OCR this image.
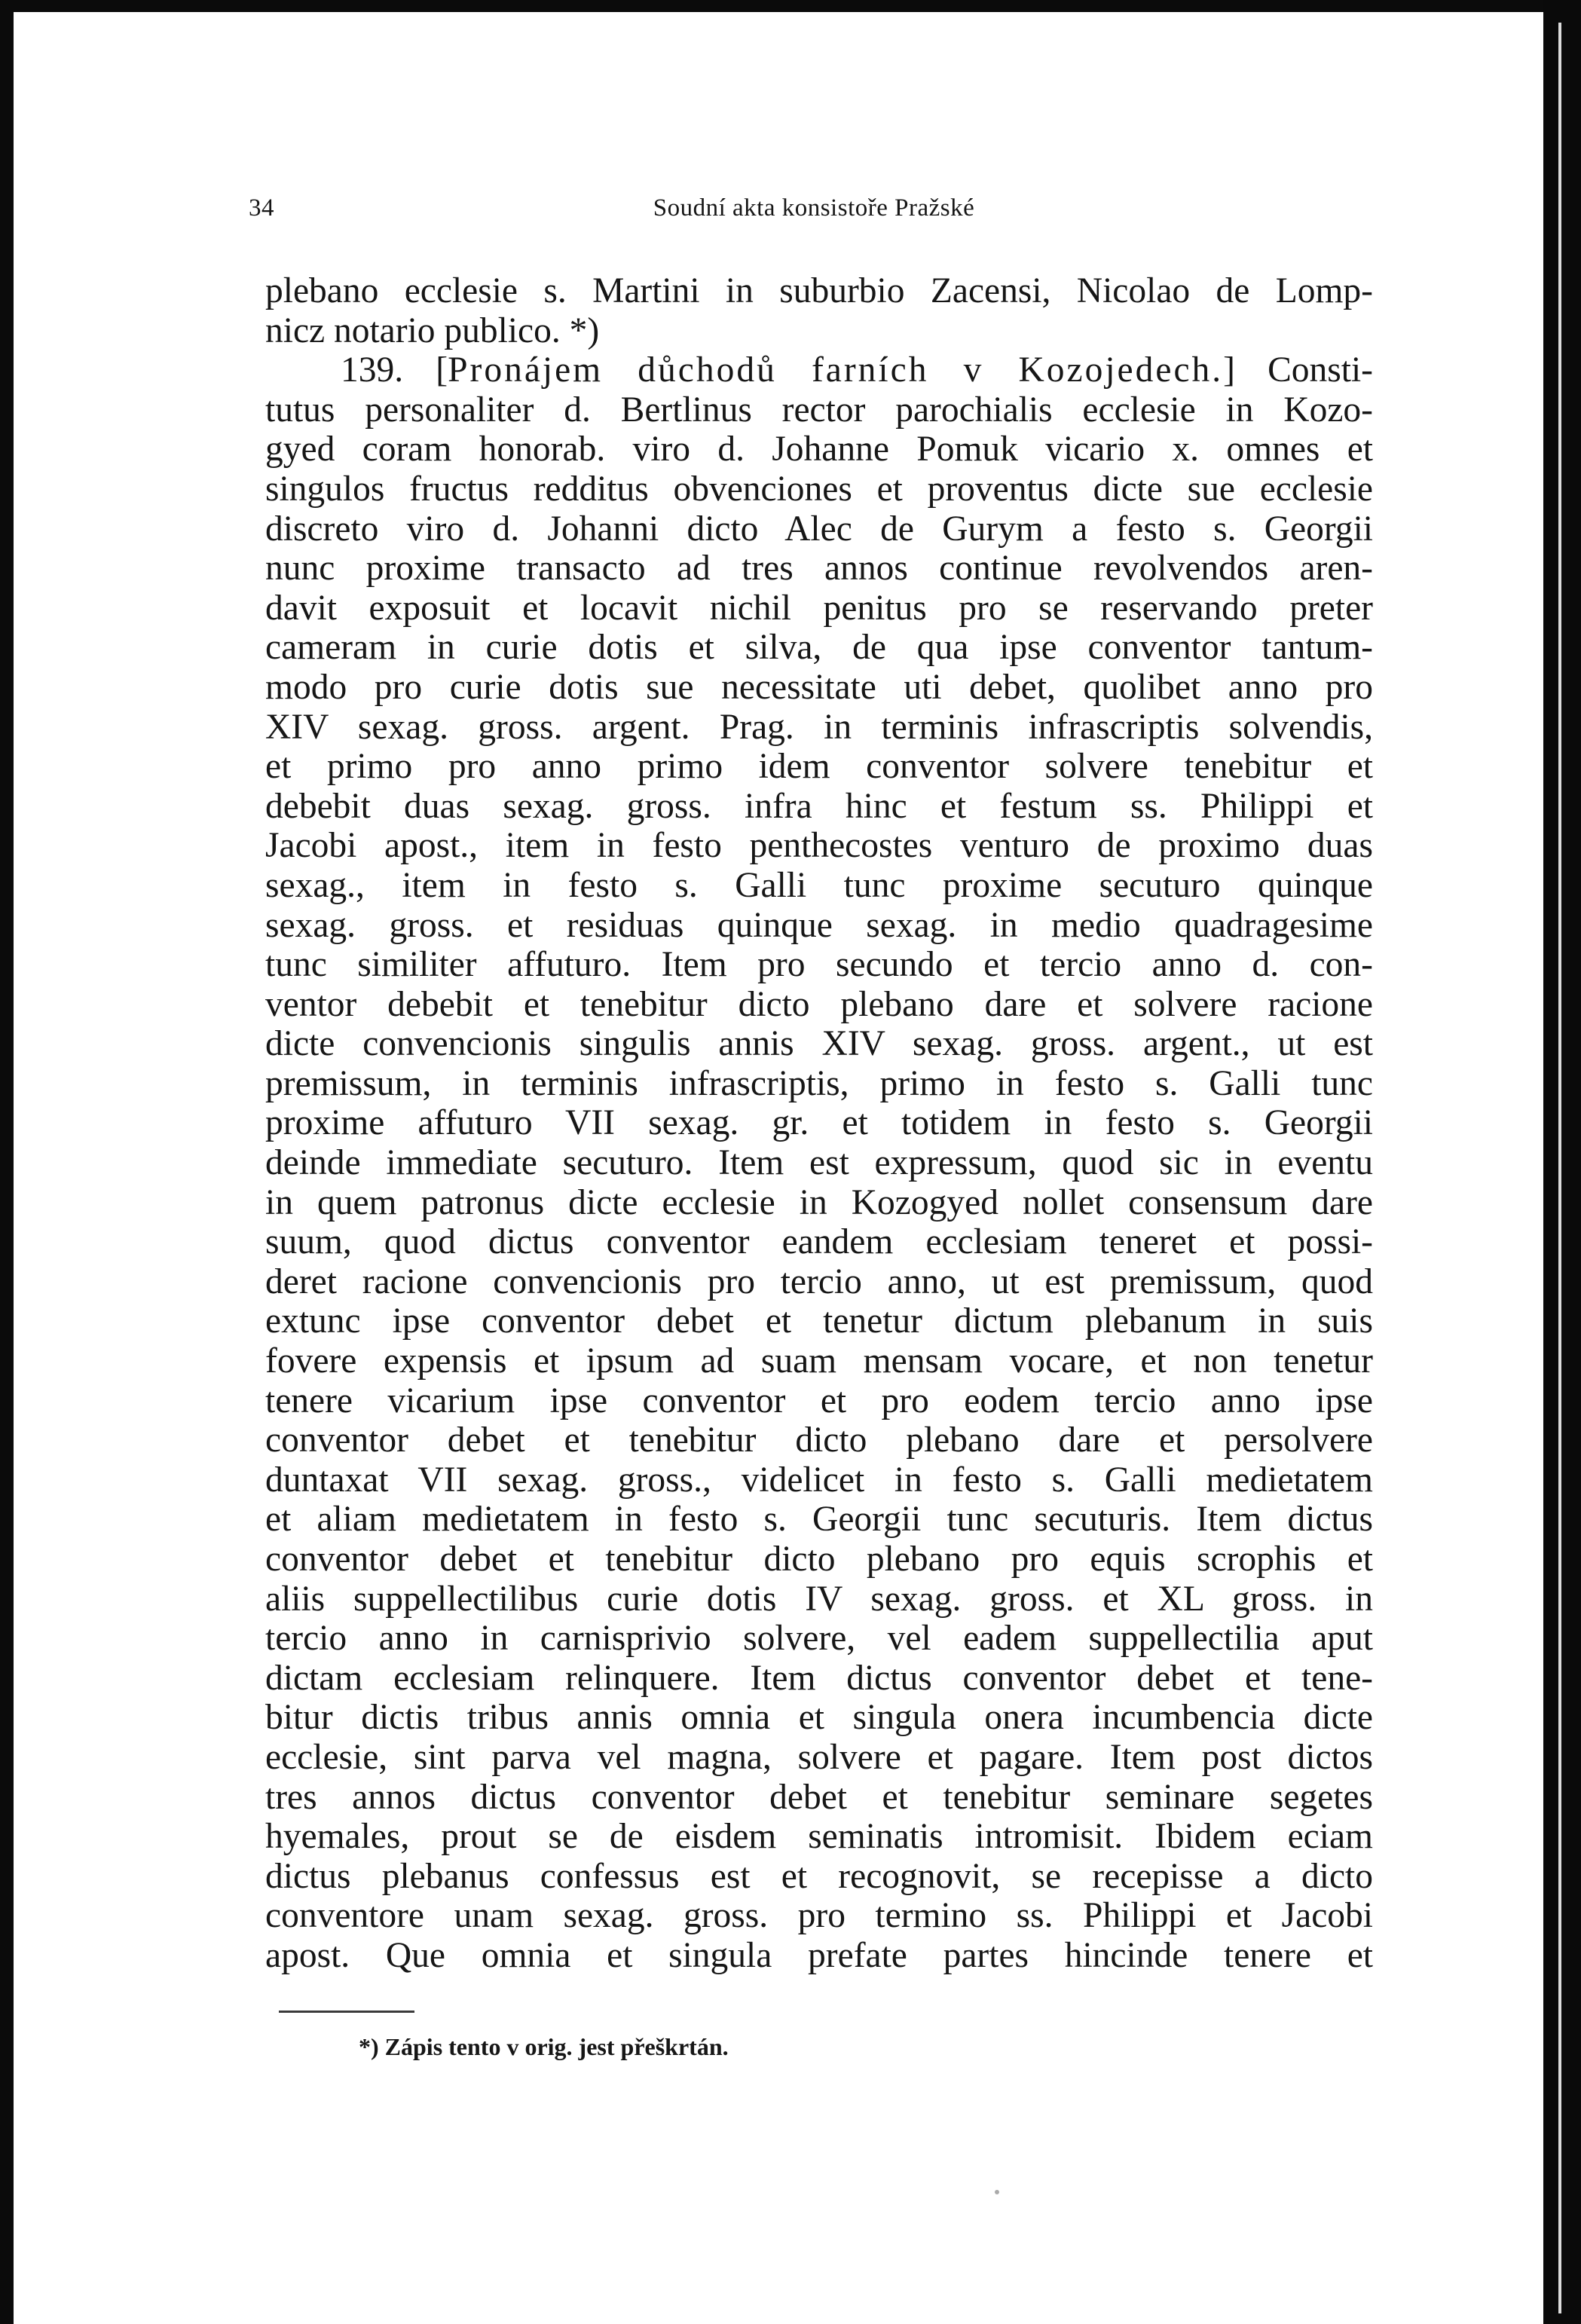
34	Soudní akta konsistoře Pražské
plebano ecclesie s. Martini in suburbio Zacensi, Nicolao de Lomp-
nicz notario publico. *)
139. [Pronájem důchodů farních v Kozojedech.] Consti-
tutus personaliter d. Bertlinus rector parochialis ecclesie in Kozo-
gyed coram honorab. viro d. Johanne Pomuk vicario x. omnes et
singulos fructus redditus obvenciones et proventus dicte sue ecclesie
discreto viro d. Johanni dicto Alec de Gurym a festo s. Georgii
nunc proxime transacto ad tres annos continue revolvendos aren-
davit exposuit et locavit nichil penitus pro se reservando preter
cameram in curie dotis et silva, de qua ipse conventor tantum-
modo pro curie dotis sue necessitate uti debet, quolibet anno pro
XIV sexag. gross. argent. Prag. in terminis infrascriptis solvendis,
et primo pro anno primo idem conventor solvere tenebitur et
debebit duas sexag. gross. infra hinc et festum ss. Philippi et
Jacobi apost., item in festo penthecostes venturo de proximo duas
sexag., item in festo s. Galli tunc proxime secuturo quinque
sexag. gross. et residuas quinque sexag. in medio quadragesime
tunc similiter affuturo. Item pro secundo et tercio anno d. con-
ventor debebit et tenebitur dicto plebano dare et solvere racione
dicte convencionis singulis annis XIV sexag. gross. argent., ut est
premissum, in terminis infrascriptis, primo in festo s. Galli tunc
proxime affuturo VII sexag. gr. et totidem in festo s. Georgii
deinde immediate secuturo. Item est expressum, quod sic in eventu
in quem patronus dicte ecclesie in Kozogyed nollet consensum dare
suum, quod dictus conventor eandem ecclesiam teneret et possi-
deret racione convencionis pro tercio anno, ut est premissum, quod
extunc ipse conventor debet et tenetur dictum plebanum in suis
fovere expensis et ipsum ad suam mensam vocare, et non tenetur
tenere vicarium ipse conventor et pro eodem tercio anno ipse
conventor debet et tenebitur dicto plebano dare et persolvere
duntaxat VII sexag. gross., videlicet in festo s. Galli medietatem
et aliam medietatem in festo s. Georgii tunc secuturis. Item dictus
conventor debet et tenebitur dicto plebano pro equis scrophis et
aliis suppellectilibus curie dotis IV sexag. gross. et XL gross. in
tercio anno in carnisprivio solvere, vel eadem suppellectilia aput
dictam ecclesiam relinquere. Item dictus conventor debet et tene-
bitur dictis tribus annis omnia et singula onera incumbencia dicte
ecclesie, sint parva vel magna, solvere et pagare. Item post dictos
tres annos dictus conventor debet et tenebitur seminare segetes
hyemales, prout se de eisdem seminatis intromisit. Ibidem eciam
dictus plebanus confessus est et recognovit, se recepisse a dicto
conventore unam sexag. gross. pro termino ss. Philippi et Jacobi
apost. Que omnia et singula prefate partes hincinde tenere et
*) Zápis tento v orig. jest přeškrtán.
